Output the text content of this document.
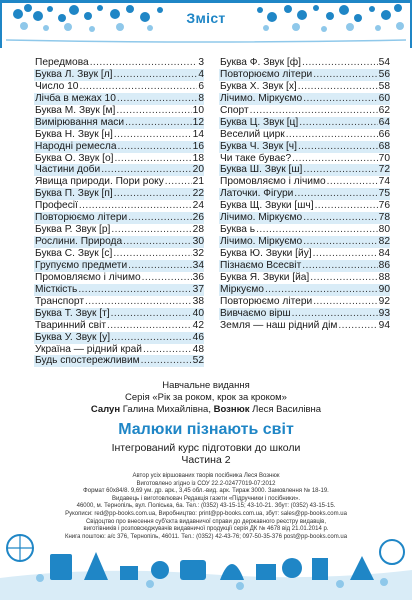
Зміст
Передмова .....	3
Буква Л. Звук [л] .....	4
Число 10 .....	6
Лічба в межах 10 .....	8
Буква М. Звук [м] .....	10
Вимірювання маси .....	12
Буква Н. Звук [н] .....	14
Народні ремесла .....	16
Буква О. Звук [о] .....	18
Частини доби .....	20
Явища природи. Пори року .....	21
Буква П. Звук [п] .....	22
Професії .....	24
Повторюємо літери .....	26
Буква Р. Звук [р] .....	28
Рослини. Природа .....	30
Буква С. Звук [с] .....	32
Групуємо предмети .....	34
Промовляємо і лічимо .....	36
Місткість .....	37
Транспорт .....	38
Буква Т. Звук [т] .....	40
Тваринний світ .....	42
Буква У. Звук [у] .....	46
Україна — рідний край .....	48
Будь спостережливим .....	52
Буква Ф. Звук [ф] .....	54
Повторюємо літери .....	56
Буква Х. Звук [х] .....	58
Лічимо. Міркуємо .....	60
Спорт .....	62
Буква Ц. Звук [ц] .....	64
Веселий цирк .....	66
Буква Ч. Звук [ч] .....	68
Чи таке буває? .....	70
Буква Ш. Звук [ш] .....	72
Промовляємо і лічимо .....	74
Латочки. Фігури .....	75
Буква Щ. Звуки [шч] .....	76
Лічимо. Міркуємо .....	78
Буква ь .....	80
Лічимо. Міркуємо .....	82
Буква Ю. Звуки [йу] .....	84
Пізнаємо Всесвіт .....	86
Буква Я. Звуки [йа] .....	88
Міркуємо .....	90
Повторюємо літери .....	92
Вивчаємо вірш .....	93
Земля — наш рідний дім .....	94
Навчальне видання
Серія «Рік за роком, крок за кроком»
Салун Галина Михайлівна, Вознюк Леся Василівна
Малюки пізнають світ
Інтегрований курс підготовки до школи
Частина 2
Автор усіх віршованих творів посібника Леся Вознюк
Виготовлено згідно із СОУ 22.2-02477019-07:2012
Формат 60х84/8. 9,69 ум. др. арк., 3,45 обл.-вид. арк. Тираж 3000. Замовлення № 18-19.
Видавець і виготовлювач Редакція газети «Підручники і посібники».
46000, м. Тернопіль, вул. Поліська, 6а. Тел.: (0352) 43-15-15; 43-10-21. Збут: (0352) 43-15-15.
Рукописи: red@pp-books.com.ua, Виробництво: print@pp-books.com.ua, збут: sales@pp-books.com.ua
Свідоцтво про внесення суб'єкта видавничої справи до державного реєстру видавців,
виготівників і розповсюджувачів видавничої продукції серія ДК № 4678 від 21.01.2014 р.
Книга поштою: а/с 376, Тернопіль, 46011. Тел.: (0352) 42-43-76; 097-50-35-376 post@pp-books.com.ua
